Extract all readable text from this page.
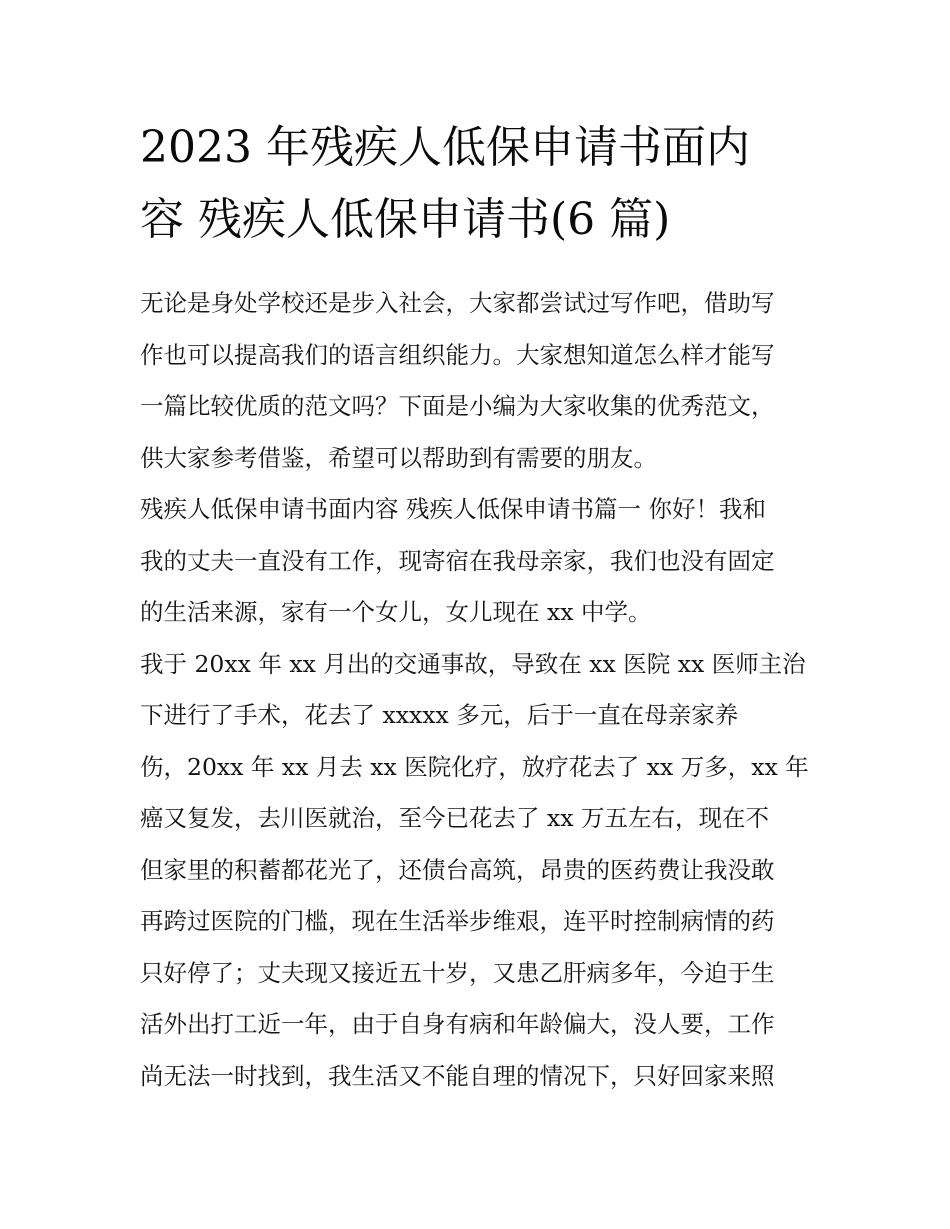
2023 年残疾人低保申请书面内
容 残疾人低保申请书(6 篇)

无论是身处学校还是步入社会，大家都尝试过写作吧，借助写
作也可以提高我们的语言组织能力。大家想知道怎么样才能写
一篇比较优质的范文吗？下面是小编为大家收集的优秀范文，
供大家参考借鉴，希望可以帮助到有需要的朋友。

残疾人低保申请书面内容 残疾人低保申请书篇一 你好！我和
我的丈夫一直没有工作，现寄宿在我母亲家，我们也没有固定
的生活来源，家有一个女儿，女儿现在 xx 中学。

我于 20xx 年 xx 月出的交通事故，导致在 xx 医院 xx 医师主治
下进行了手术，花去了 xxxxx 多元，后于一直在母亲家养
伤，20xx 年 xx 月去 xx 医院化疗，放疗花去了 xx 万多，xx 年
癌又复发，去川医就治，至今已花去了 xx 万五左右，现在不
但家里的积蓄都花光了，还债台高筑，昂贵的医药费让我没敢
再跨过医院的门槛，现在生活举步维艰，连平时控制病情的药
只好停了；丈夫现又接近五十岁，又患乙肝病多年，今迫于生
活外出打工近一年，由于自身有病和年龄偏大，没人要，工作
尚无法一时找到，我生活又不能自理的情况下，只好回家来照
